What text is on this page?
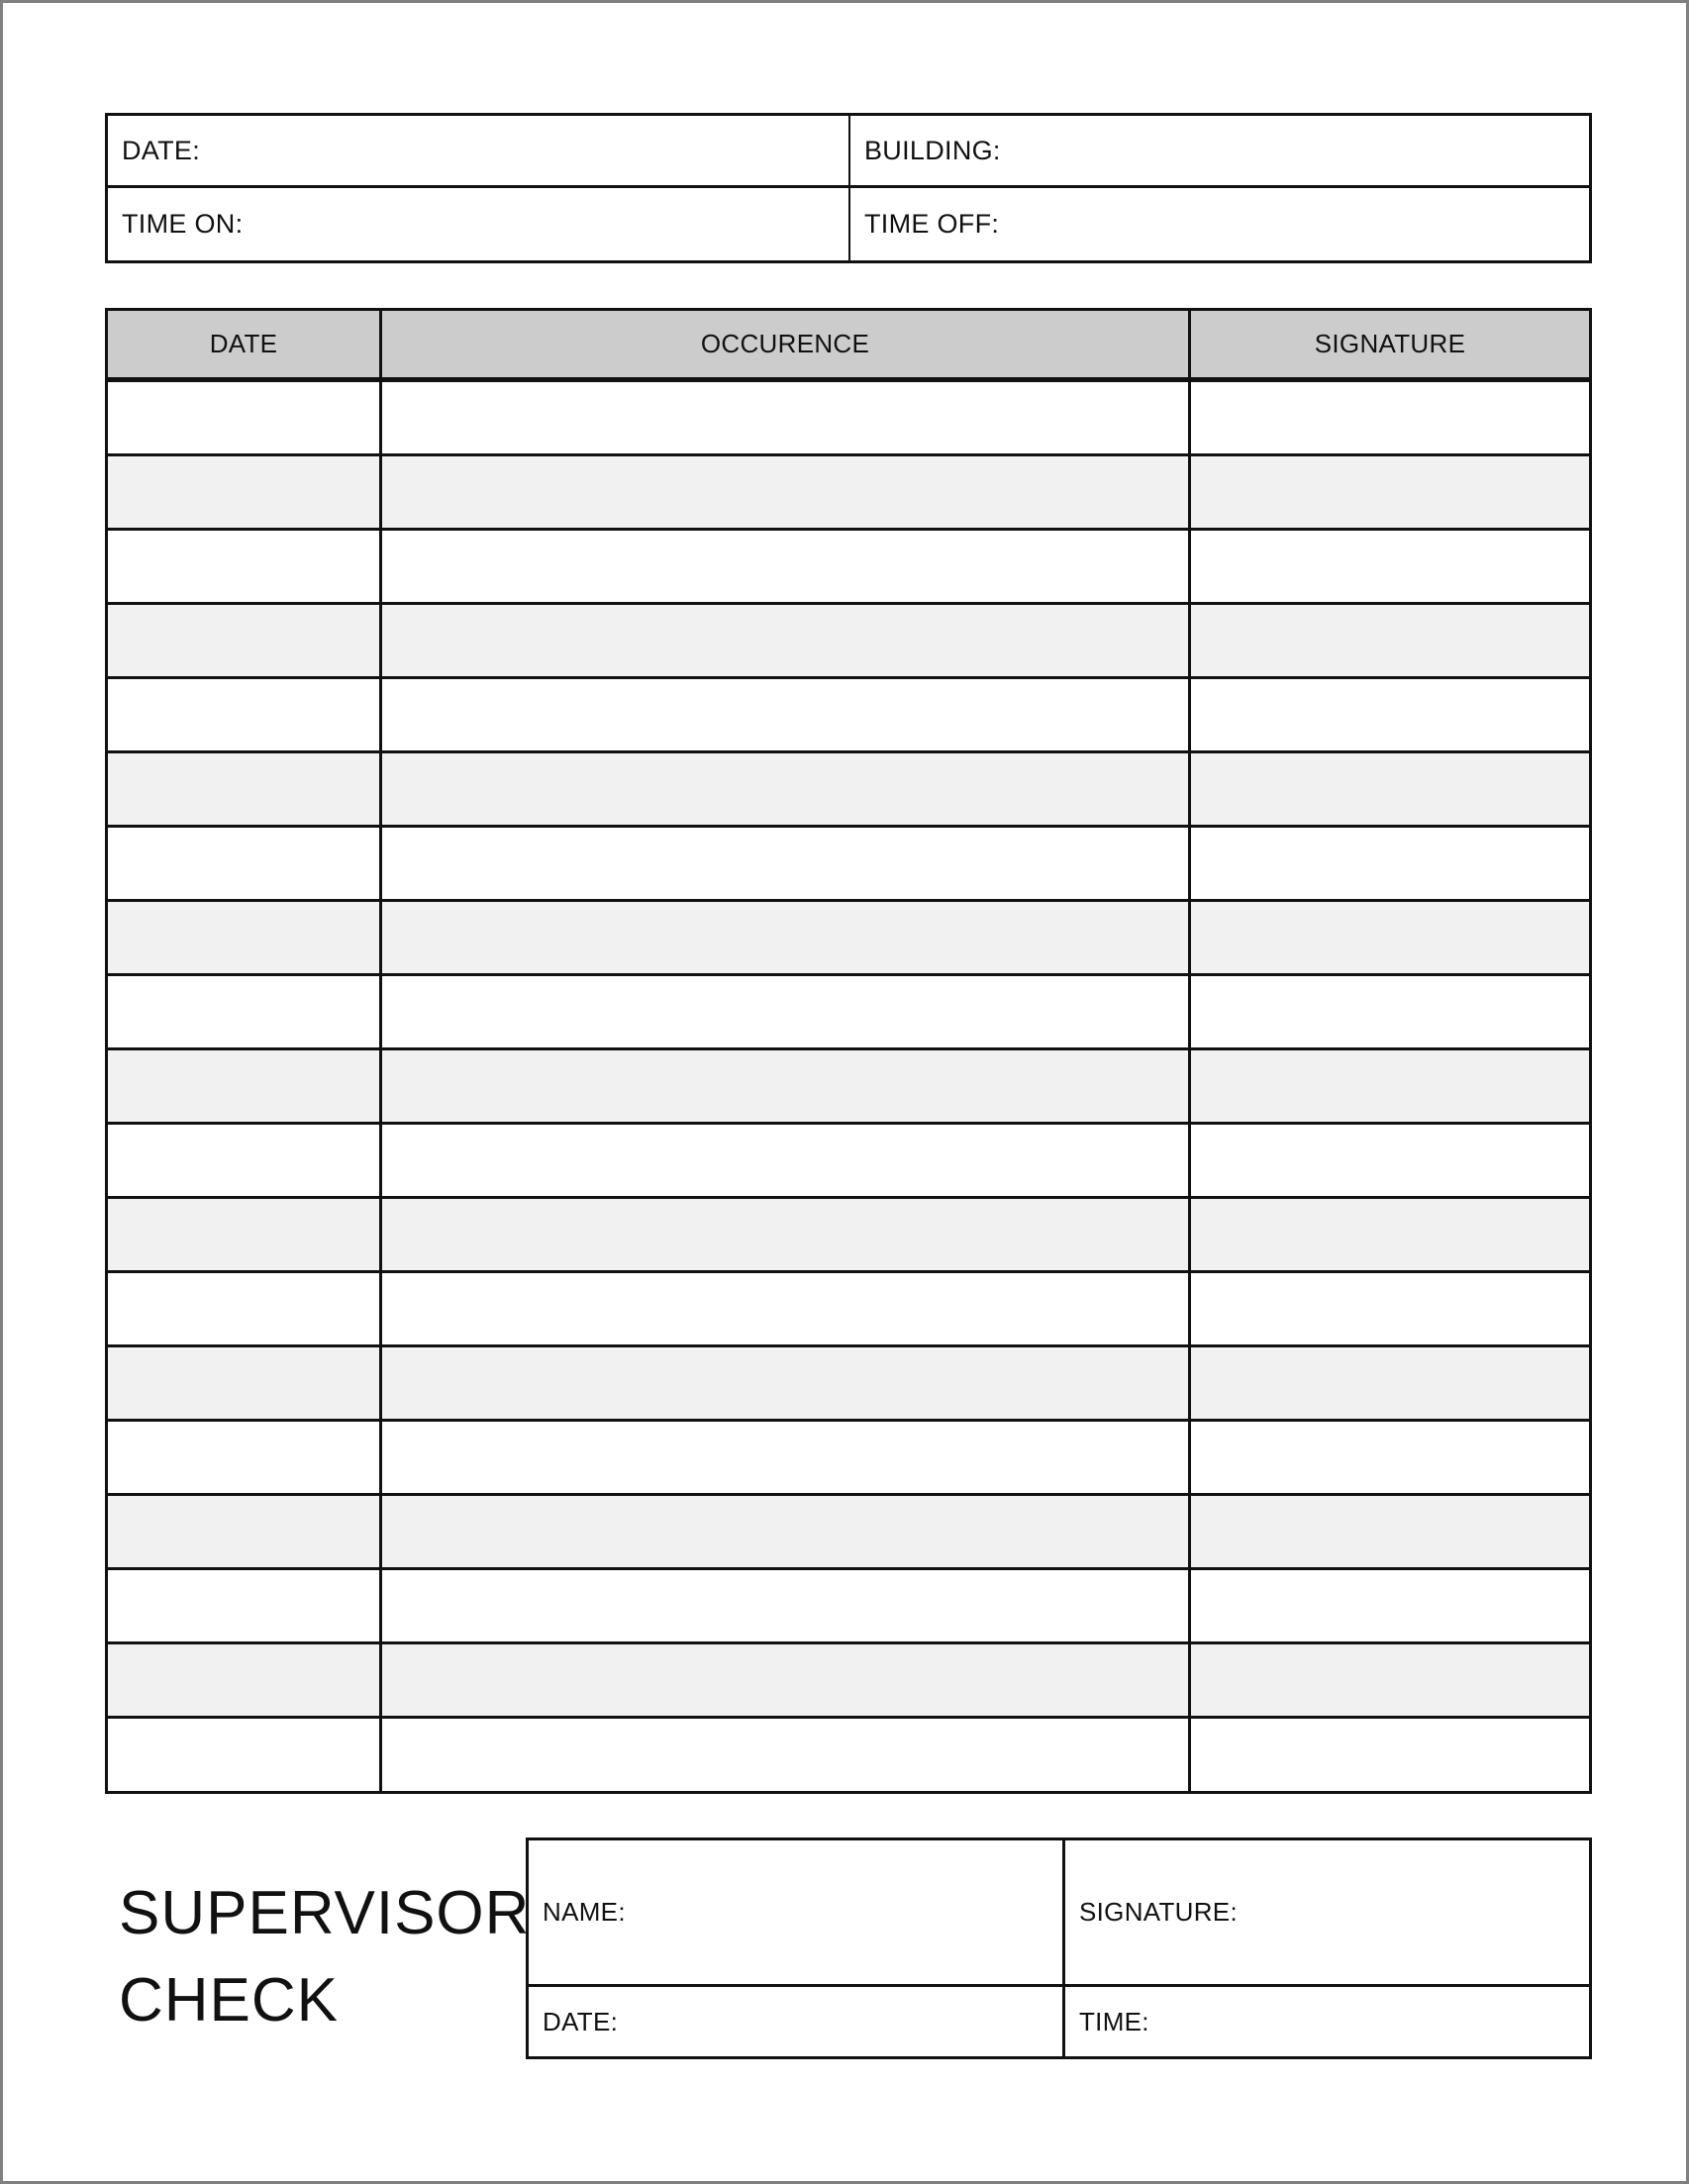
DATE:	BUILDING:
TIME ON:	TIME OFF:
DATE	OCCURENCE	SIGNATURE
SUPERVISOR
CHECK
NAME:	SIGNATURE:
DATE:	TIME:
